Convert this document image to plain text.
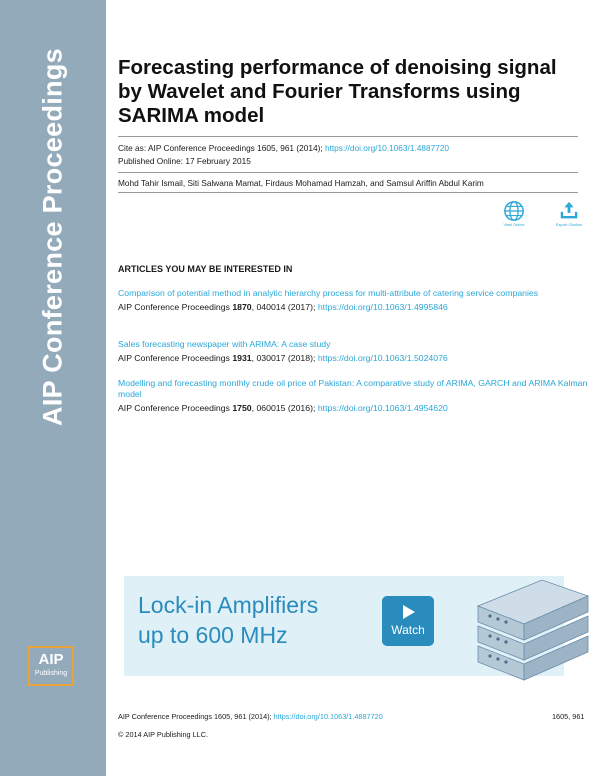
AIP Conference Proceedings
AIP
Publishing
Forecasting performance of denoising signal by Wavelet and Fourier Transforms using SARIMA model
Cite as: AIP Conference Proceedings 1605, 961 (2014); https://doi.org/10.1063/1.4887720
Published Online: 17 February 2015
Mohd Tahir Ismail, Siti Salwana Mamat, Firdaus Mohamad Hamzah, and Samsul Ariffin Abdul Karim
View Online	Export Citation
ARTICLES YOU MAY BE INTERESTED IN
Comparison of potential method in analytic hierarchy process for multi-attribute of catering service companies
AIP Conference Proceedings 1870, 040014 (2017); https://doi.org/10.1063/1.4995846
Sales forecasting newspaper with ARIMA: A case study
AIP Conference Proceedings 1931, 030017 (2018); https://doi.org/10.1063/1.5024076
Modelling and forecasting monthly crude oil price of Pakistan: A comparative study of ARIMA, GARCH and ARIMA Kalman model
AIP Conference Proceedings 1750, 060015 (2016); https://doi.org/10.1063/1.4954620
Lock-in Amplifiers
up to 600 MHz	Watch
AIP Conference Proceedings 1605, 961 (2014); https://doi.org/10.1063/1.4887720	1605, 961
© 2014 AIP Publishing LLC.
